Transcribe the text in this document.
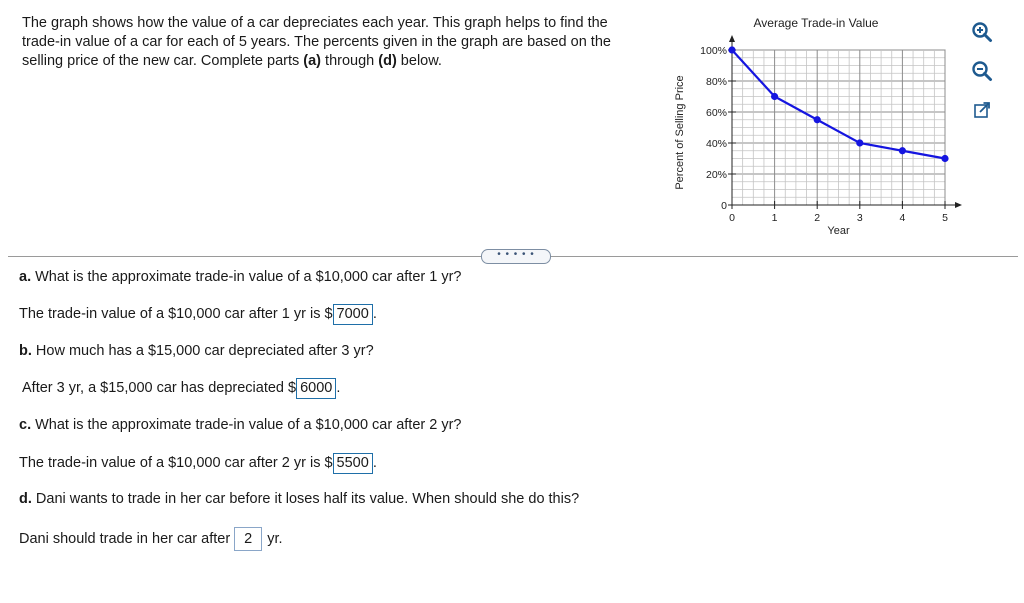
The graph shows how the value of a car depreciates each year. This graph helps to find the trade-in value of a car for each of 5 years. The percents given in the graph are based on the selling price of the new car. Complete parts (a) through (d) below.

0
20%
40%
60%
80%
100%
0	1	2	3	4	5
Average Trade-in Value
Year
Percent of Selling Price
• • • • •

a. What is the approximate trade-in value of a $10,000 car after 1 yr?

The trade-in value of a $10,000 car after 1 yr is $ 7000 .

b. How much has a $15,000 car depreciated after 3 yr?

After 3 yr, a $15,000 car has depreciated $ 6000 .

c. What is the approximate trade-in value of a $10,000 car after 2 yr?

The trade-in value of a $10,000 car after 2 yr is $ 5500 .

d. Dani wants to trade in her car before it loses half its value. When should she do this?

Dani should trade in her car after 2 yr.
